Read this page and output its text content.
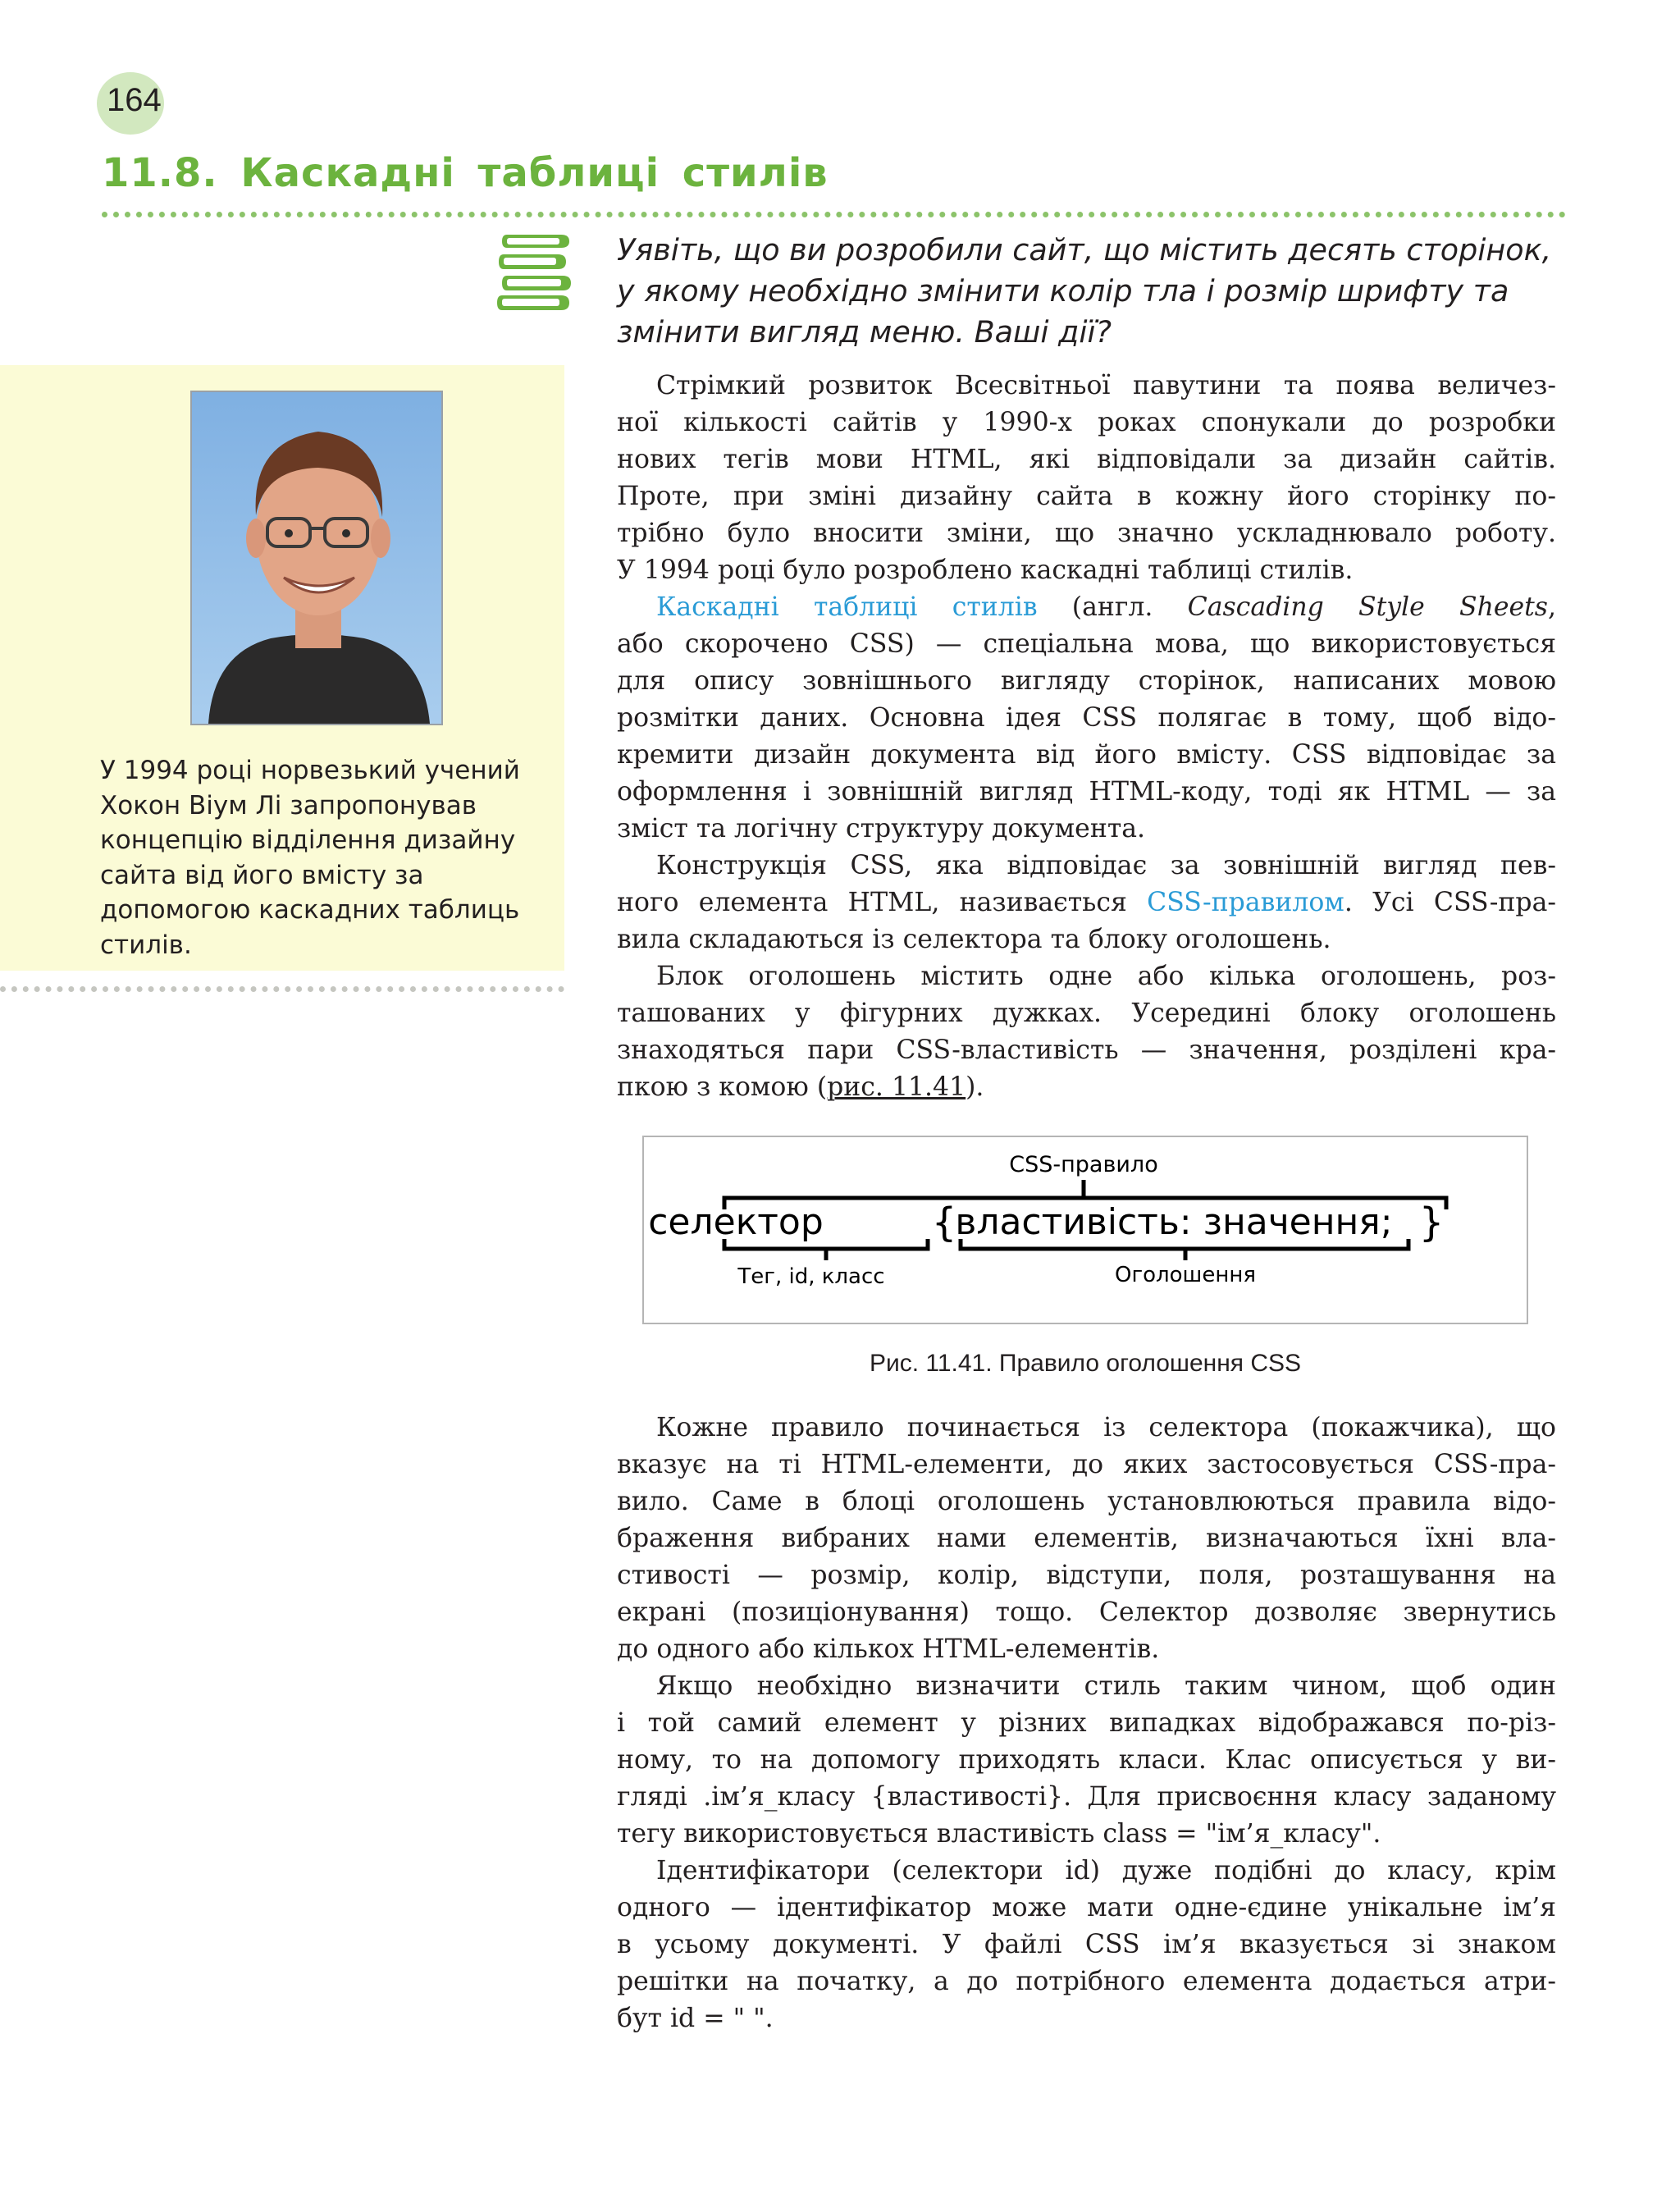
164
11.8. Каскадні таблиці стилів
Уявіть, що ви розробили сайт, що містить десять сторінок,
у якому необхідно змінити колір тла і розмір шрифту та
змінити вигляд меню. Ваші дії?
У 1994 році норвезький учений
Хокон Віум Лі запропонував
концепцію відділення дизайну
сайта від його вмісту за
допомогою каскадних таблиць
стилів.
Стрімкий розвиток Всесвітньої павутини та поява величез-
ної кількості сайтів у 1990-х роках спонукали до розробки
нових тегів мови HTML, які відповідали за дизайн сайтів.
Проте, при зміні дизайну сайта в кожну його сторінку по-
трібно було вносити зміни, що значно ускладнювало роботу.
У 1994 році було розроблено каскадні таблиці стилів.
Каскадні таблиці стилів (англ. Cascading Style Sheets,
або скорочено CSS) — спеціальна мова, що використовується
для опису зовнішнього вигляду сторінок, написаних мовою
розмітки даних. Основна ідея CSS полягає в тому, щоб відо-
кремити дизайн документа від його вмісту. CSS відповідає за
оформлення і зовнішній вигляд HTML-коду, тоді як HTML — за
зміст та логічну структуру документа.
Конструкція CSS, яка відповідає за зовнішній вигляд пев-
ного елемента HTML, називається CSS-правилом. Усі CSS-пра-
вила складаються із селектора та блоку оголошень.
Блок оголошень містить одне або кілька оголошень, роз-
ташованих у фігурних дужках. Усередині блоку оголошень
знаходяться пари CSS-властивість — значення, розділені кра-
пкою з комою (рис. 11.41).
CSS-правило
селектор	{
властивість: значення; }
Тег, id, класс	Оголошення
Рис. 11.41. Правило оголошення CSS
Кожне правило починається із селектора (покажчика), що
вказує на ті HTML-елементи, до яких застосовується CSS-пра-
вило. Саме в блоці оголошень установлюються правила відо-
браження вибраних нами елементів, визначаються їхні вла-
стивості — розмір, колір, відступи, поля, розташування на
екрані (позиціонування) тощо. Селектор дозволяє звернутись
до одного або кількох HTML-елементів.
Якщо необхідно визначити стиль таким чином, щоб один
і той самий елемент у різних випадках відображався по-різ-
ному, то на допомогу приходять класи. Клас описується у ви-
гляді .ім’я_класу {властивості}. Для присвоєння класу заданому
тегу використовується властивість class = "ім’я_класу".
Ідентифікатори (селектори id) дуже подібні до класу, крім
одного — ідентифікатор може мати одне-єдине унікальне ім’я
в усьому документі. У файлі CSS ім’я вказується зі знаком
решітки на початку, а до потрібного елемента додається атри-
бут id = " ".
